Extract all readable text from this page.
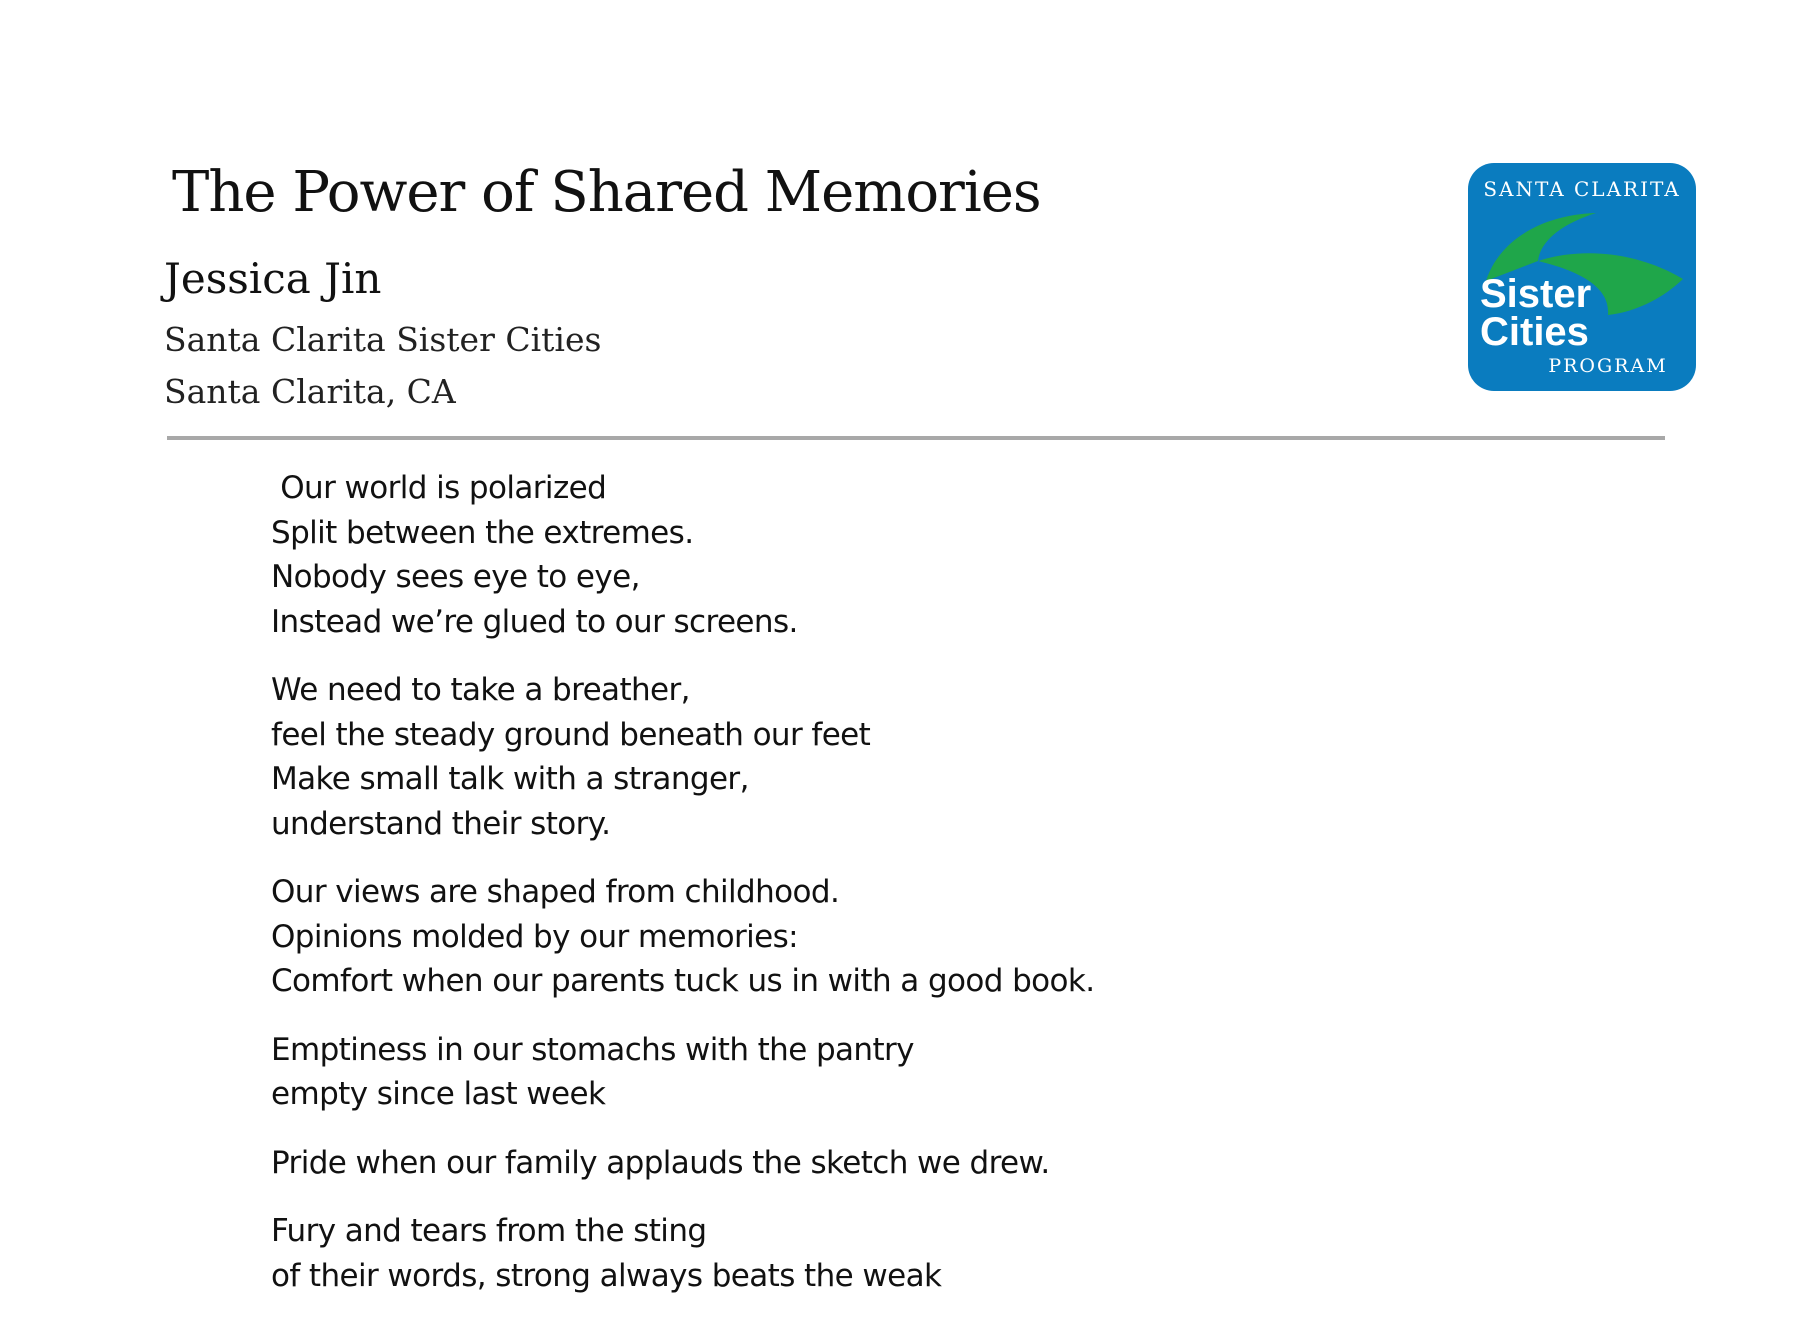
The Power of Shared Memories
Jessica Jin
Santa Clarita Sister Cities
Santa Clarita, CA
SANTA CLARITA
Sister
Cities
PROGRAM
Our world is polarized
Split between the extremes.
Nobody sees eye to eye,
Instead we’re glued to our screens.
We need to take a breather,
feel the steady ground beneath our feet
Make small talk with a stranger,
understand their story.
Our views are shaped from childhood.
Opinions molded by our memories:
Comfort when our parents tuck us in with a good book.
Emptiness in our stomachs with the pantry
empty since last week
Pride when our family applauds the sketch we drew.
Fury and tears from the sting
of their words, strong always beats the weak
